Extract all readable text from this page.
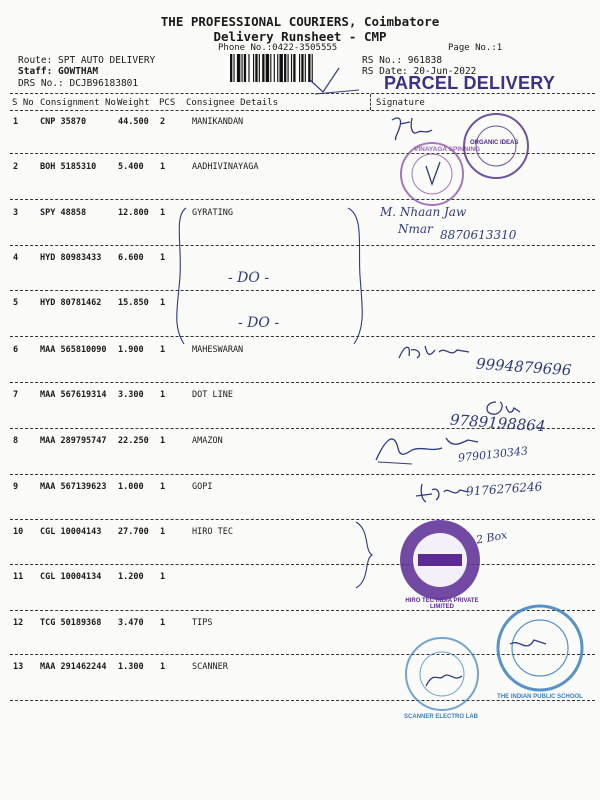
THE PROFESSIONAL COURIERS, Coimbatore
Delivery Runsheet - CMP
Phone No.:0422-3505555	Page No.:1
Route: SPT AUTO DELIVERY
Staff: GOWTHAM
DRS No.: DCJB96183801
RS No.: 961838
RS Date: 20-Jun-2022
PARCEL DELIVERY
S No Consignment No Weight PCS Consignee Details	Signature
1	CNP 35870	44.500 2	MANIKANDAN
2	BOH 5185310	5.400 1	AADHIVINAYAGA
3	SPY 48858	12.800 1	GYRATING
4	HYD 80983433 6.600 1
5	HYD 80781462 15.850 1
6	MAA 565810090 1.900 1	MAHESWARAN
7	MAA 567619314 3.300 1	DOT LINE
8	MAA 289795747 22.250 1	AMAZON
9	MAA 567139623 1.000 1	GOPI
10 CGL 10004143 27.700 1	HIRO TEC
11 CGL 10004134 1.200 1
12 TCG 50189368 3.470 1	TIPS
13 MAA 291462244 1.300 1	SCANNER
- DO -
- DO -
M. Nhaan Jaw
Nmar 8870613310
9994879696
9789198864
9790130343
9176276246
2 Box
VINAYAGA SPINNING
ORGANIC IDEAS
HIRO TEC INDIA PRIVATE LIMITED
THE INDIAN PUBLIC SCHOOL
SCANNER ELECTRO LAB
